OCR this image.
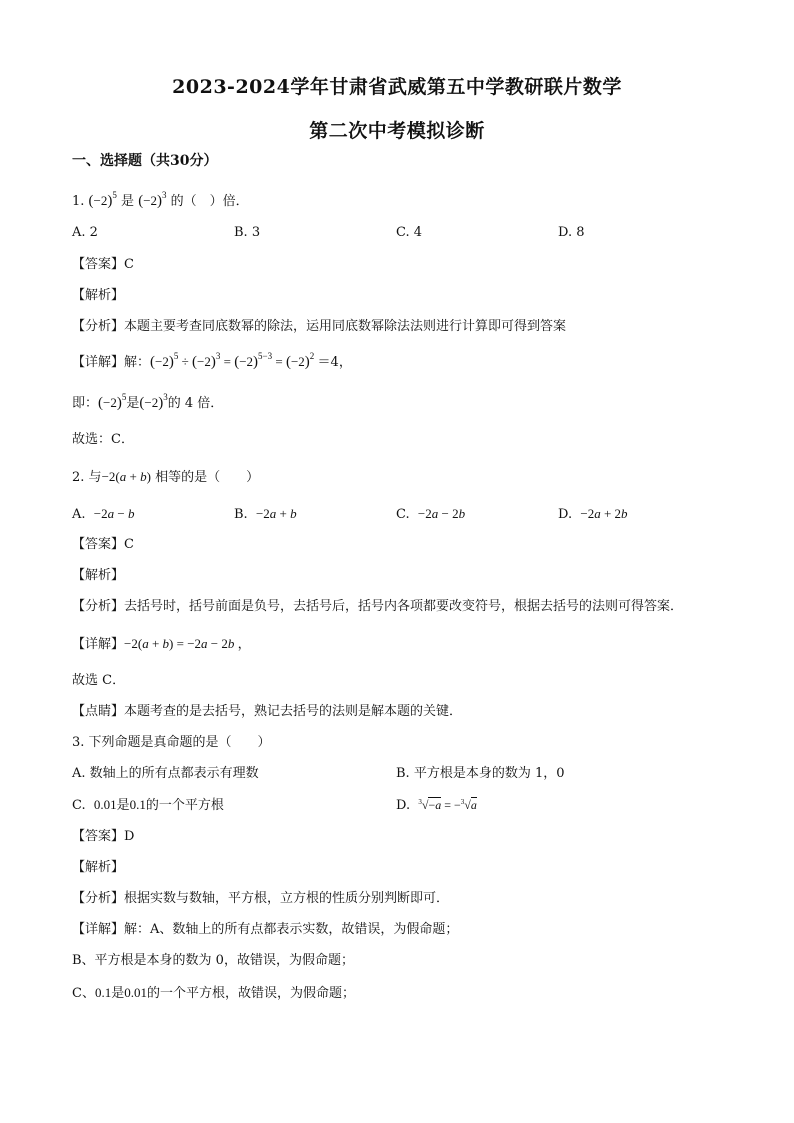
2023-2024学年甘肃省武威第五中学教研联片数学
第二次中考模拟诊断
一、选择题（共30分）
1. $(-2)^5$ 是 $(-2)^3$ 的（　）倍．
A. 2	B. 3	C. 4	D. 8
【答案】C
【解析】
【分析】本题主要考查同底数幂的除法，运用同底数幂除法法则进行计算即可得到答案
【详解】解：$(-2)^5 \div (-2)^3 = (-2)^{5-3} = (-2)^2 =4$，
即：$(-2)^5$是$(-2)^3$的 4 倍．
故选：C．
2. 与−2(a + b) 相等的是（　　）
A. −2a − b	B. −2a + b	C. −2a − 2b	D. −2a + 2b
【答案】C
【解析】
【分析】去括号时，括号前面是负号，去括号后，括号内各项都要改变符号，根据去括号的法则可得答案．
【详解】−2(a + b) = −2a − 2b ，
故选 C．
【点睛】本题考查的是去括号，熟记去括号的法则是解本题的关键．
3. 下列命题是真命题的是（　　）
A. 数轴上的所有点都表示有理数	B. 平方根是本身的数为 1，0
C. 0.01是0.1的一个平方根	D. $^3$√−a = −$^3$√a
【答案】D
【解析】
【分析】根据实数与数轴，平方根，立方根的性质分别判断即可．
【详解】解：A、数轴上的所有点都表示实数，故错误，为假命题；
B、平方根是本身的数为 0，故错误，为假命题；
C、0.1是0.01的一个平方根，故错误，为假命题；
